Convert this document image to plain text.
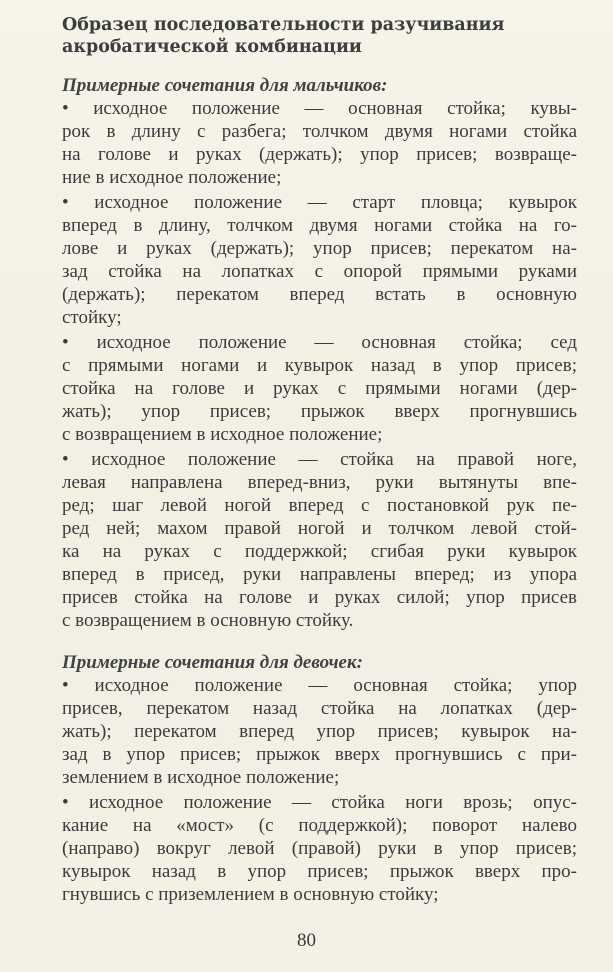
Образец последовательности разучивания
акробатической комбинации
Примерные сочетания для мальчиков:
• исходное положение — основная стойка; кувы-
рок в длину с разбега; толчком двумя ногами стойка
на голове и руках (держать); упор присев; возвраще-
ние в исходное положение;
• исходное положение — старт пловца; кувырок
вперед в длину, толчком двумя ногами стойка на го-
лове и руках (держать); упор присев; перекатом на-
зад стойка на лопатках с опорой прямыми руками
(держать); перекатом вперед встать в основную
стойку;
• исходное положение — основная стойка; сед
с прямыми ногами и кувырок назад в упор присев;
стойка на голове и руках с прямыми ногами (дер-
жать); упор присев; прыжок вверх прогнувшись
с возвращением в исходное положение;
• исходное положение — стойка на правой ноге,
левая направлена вперед-вниз, руки вытянуты впе-
ред; шаг левой ногой вперед с постановкой рук пе-
ред ней; махом правой ногой и толчком левой стой-
ка на руках с поддержкой; сгибая руки кувырок
вперед в присед, руки направлены вперед; из упора
присев стойка на голове и руках силой; упор присев
с возвращением в основную стойку.
Примерные сочетания для девочек:
• исходное положение — основная стойка; упор
присев, перекатом назад стойка на лопатках (дер-
жать); перекатом вперед упор присев; кувырок на-
зад в упор присев; прыжок вверх прогнувшись с при-
землением в исходное положение;
• исходное положение — стойка ноги врозь; опус-
кание на «мост» (с поддержкой); поворот налево
(направо) вокруг левой (правой) руки в упор присев;
кувырок назад в упор присев; прыжок вверх про-
гнувшись с приземлением в основную стойку;
80
